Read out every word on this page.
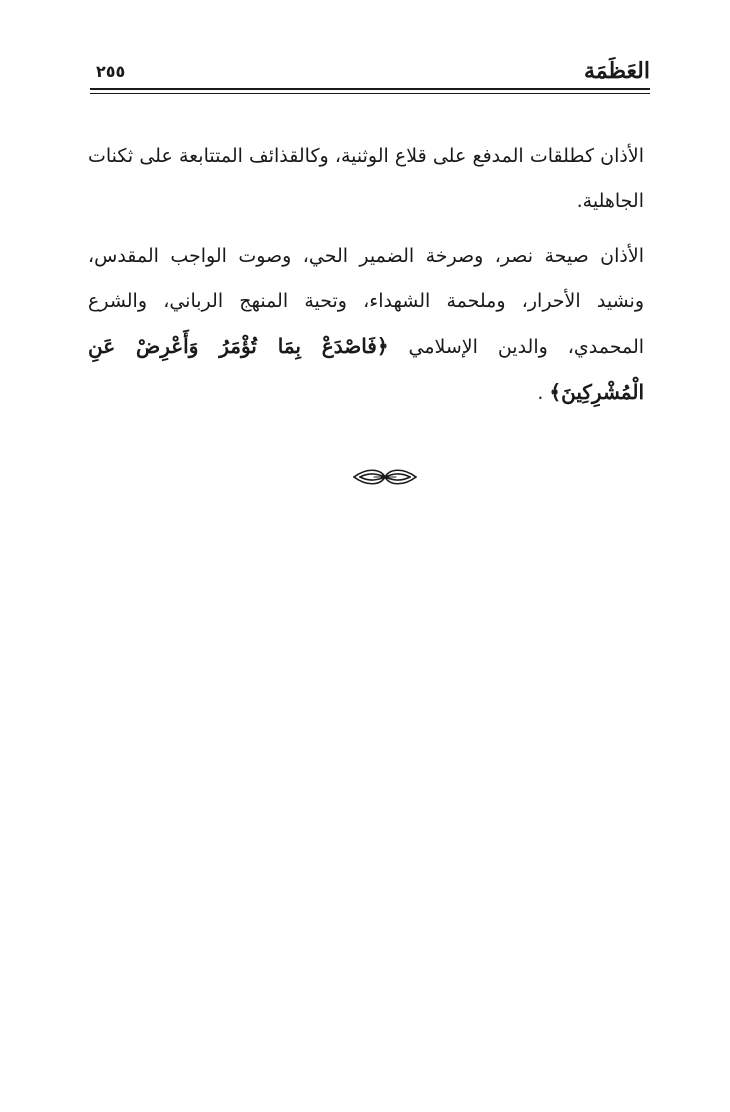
العَظَمَة
٢٥٥

الأذان كطلقات المدفع على قلاع الوثنية، وكالقذائف المتتابعة على ثكنات الجاهلية.

الأذان صيحة نصر، وصرخة الضمير الحي، وصوت الواجب المقدس، ونشيد الأحرار، وملحمة الشهداء، وتحية المنهج الرباني، والشرع المحمدي، والدين الإسلامي ﴿فَاصْدَعْ بِمَا تُؤْمَرُ وَأَعْرِضْ عَنِ الْمُشْرِكِينَ﴾ .
